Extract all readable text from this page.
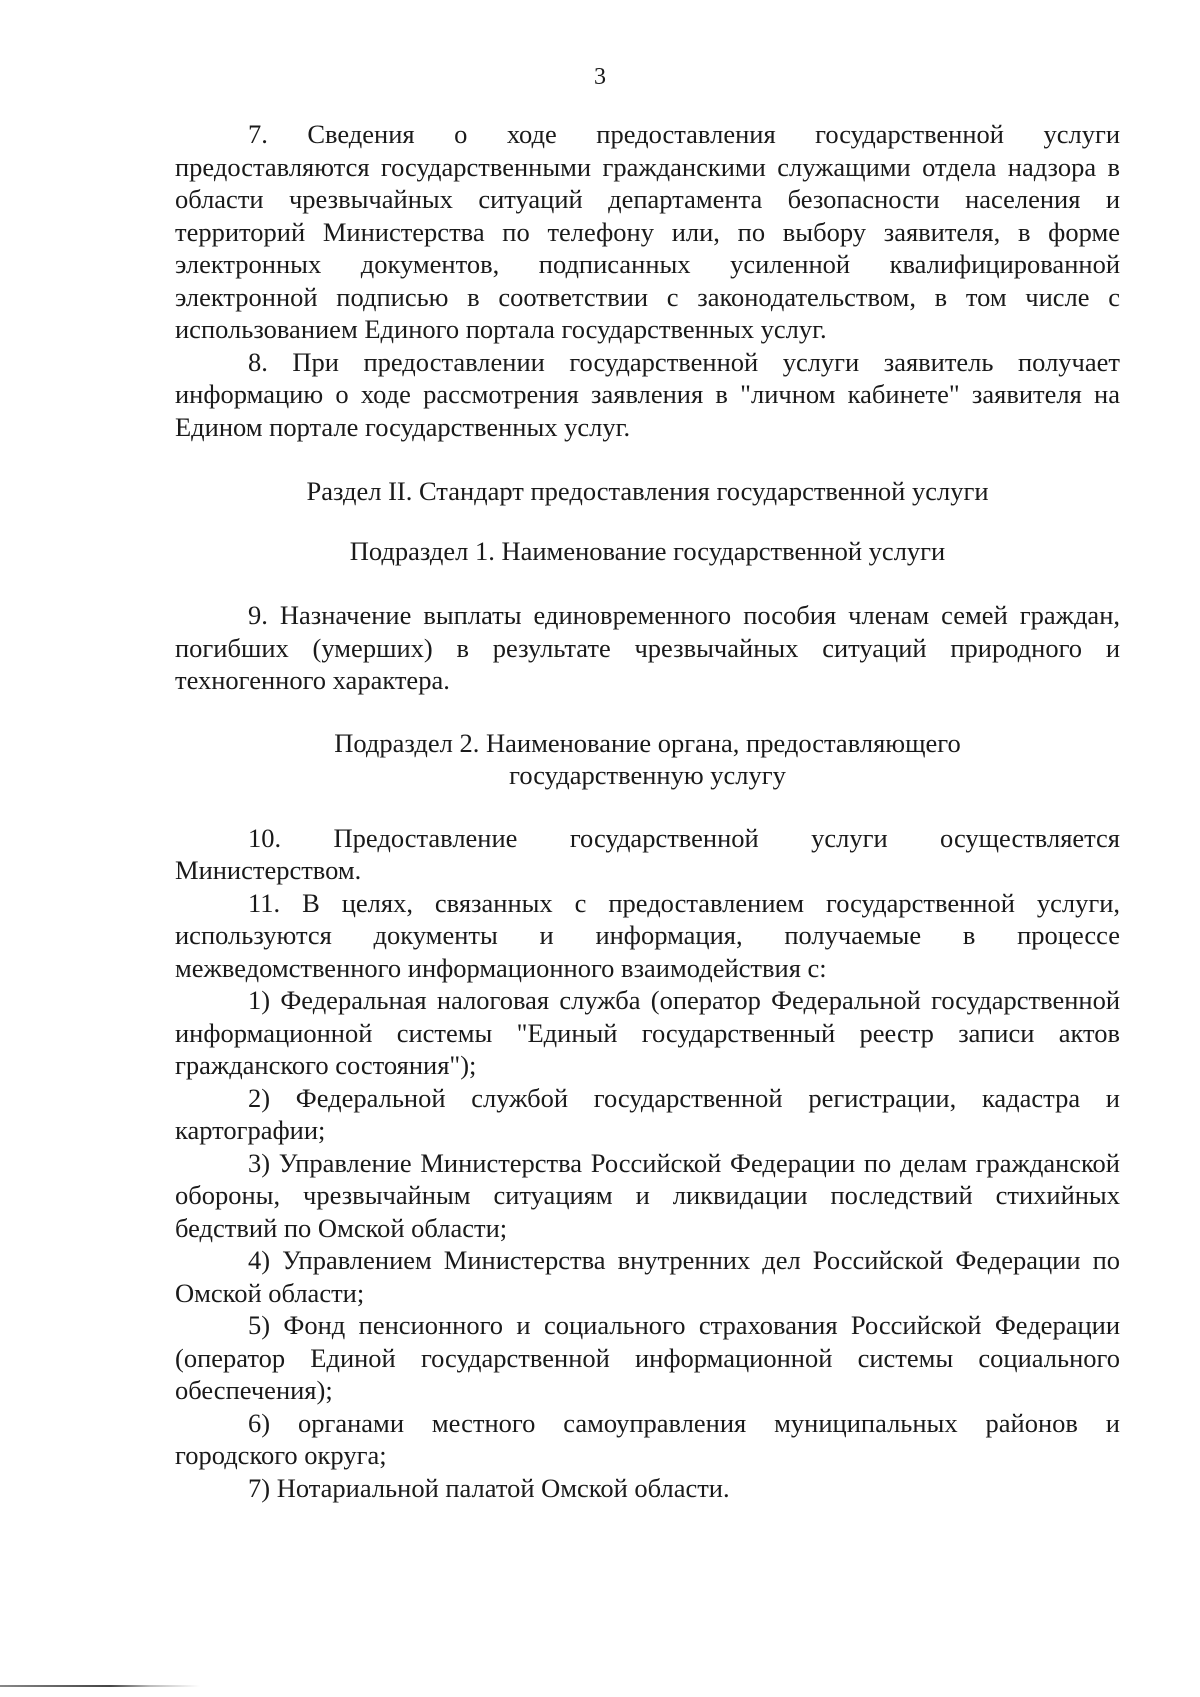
3

7. Сведения о ходе предоставления государственной услуги предоставляются государственными гражданскими служащими отдела надзора в области чрезвычайных ситуаций департамента безопасности населения и территорий Министерства по телефону или, по выбору заявителя, в форме электронных документов, подписанных усиленной квалифицированной электронной подписью в соответствии с законодательством, в том числе с использованием Единого портала государственных услуг.

8. При предоставлении государственной услуги заявитель получает информацию о ходе рассмотрения заявления в "личном кабинете" заявителя на Едином портале государственных услуг.

Раздел II. Стандарт предоставления государственной услуги

Подраздел 1. Наименование государственной услуги

9. Назначение выплаты единовременного пособия членам семей граждан, погибших (умерших) в результате чрезвычайных ситуаций природного и техногенного характера.

Подраздел 2. Наименование органа, предоставляющего государственную услугу

10. Предоставление государственной услуги осуществляется Министерством.

11. В целях, связанных с предоставлением государственной услуги, используются документы и информация, получаемые в процессе межведомственного информационного взаимодействия с:

1) Федеральная налоговая служба (оператор Федеральной государственной информационной системы "Единый государственный реестр записи актов гражданского состояния");

2) Федеральной службой государственной регистрации, кадастра и картографии;

3) Управление Министерства Российской Федерации по делам гражданской обороны, чрезвычайным ситуациям и ликвидации последствий стихийных бедствий по Омской области;

4) Управлением Министерства внутренних дел Российской Федерации по Омской области;

5) Фонд пенсионного и социального страхования Российской Федерации (оператор Единой государственной информационной системы социального обеспечения);

6) органами местного самоуправления муниципальных районов и городского округа;

7) Нотариальной палатой Омской области.
